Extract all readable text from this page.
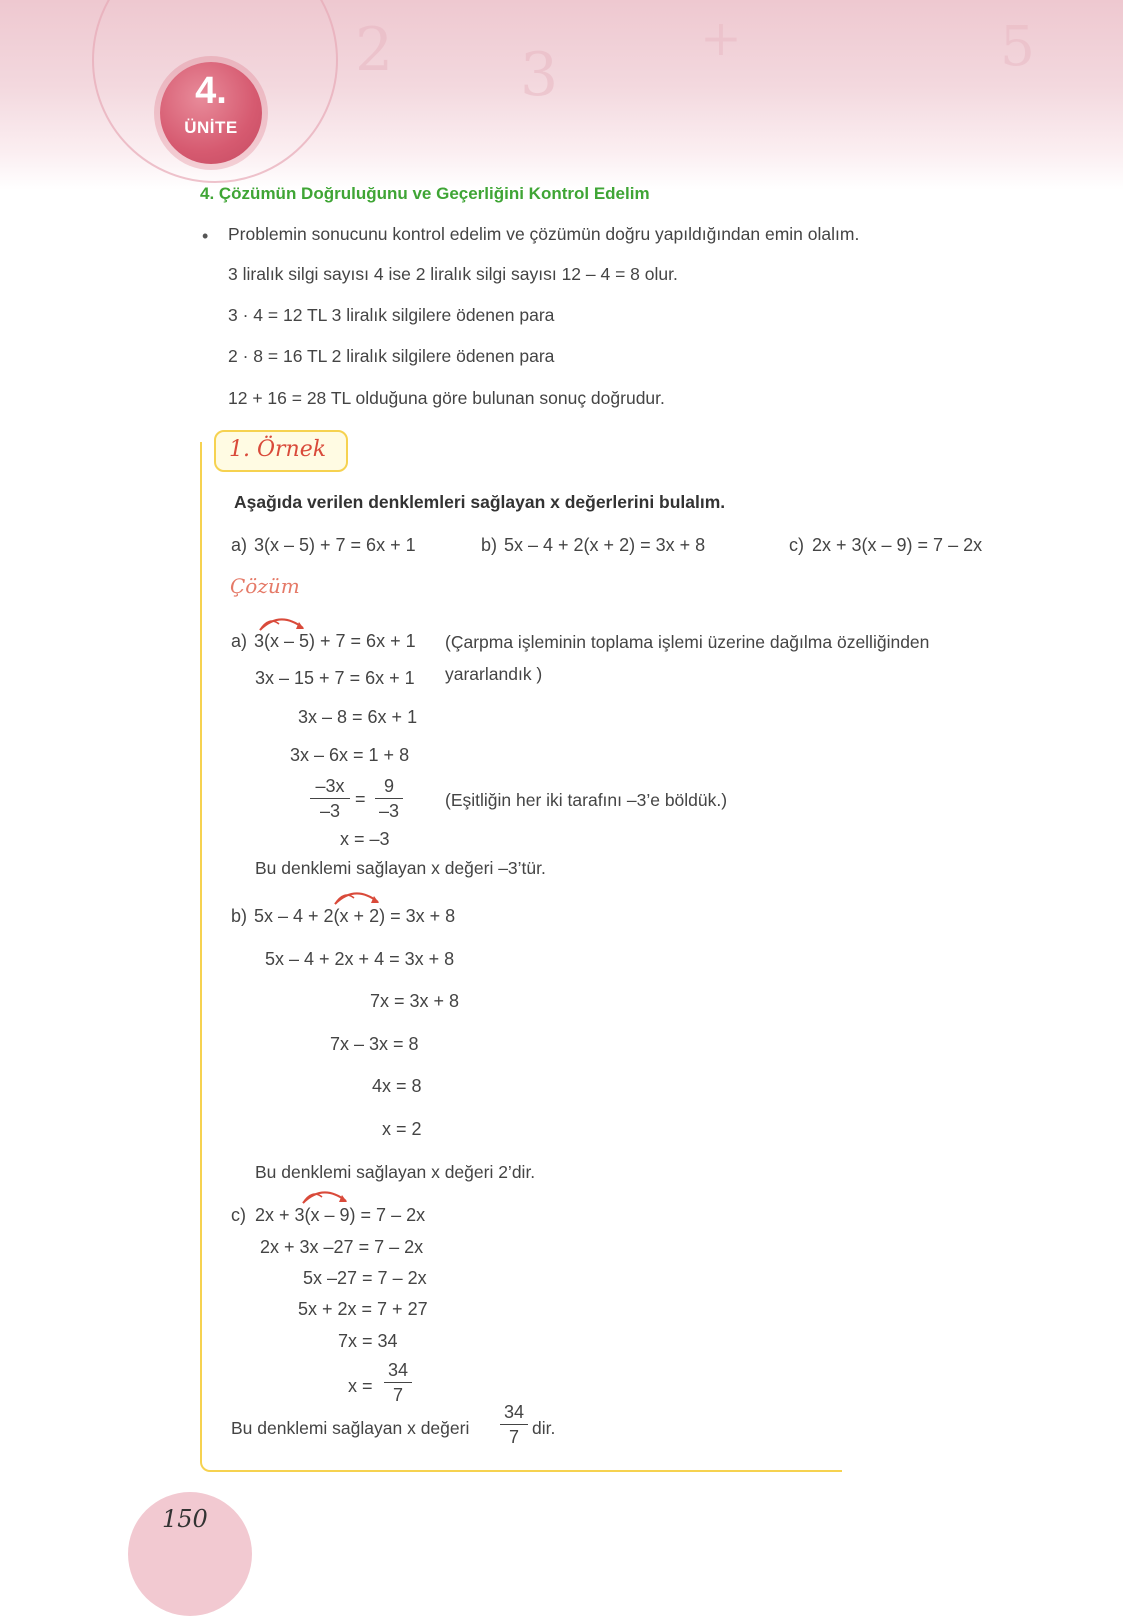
2 3
+	5
4.
ÜNİTE
4. Çözümün Doğruluğunu ve Geçerliğini Kontrol Edelim
• Problemin sonucunu kontrol edelim ve çözümün doğru yapıldığından emin olalım.
3 liralık silgi sayısı 4 ise 2 liralık silgi sayısı 12 – 4 = 8 olur.
3 · 4 = 12 TL 3 liralık silgilere ödenen para
2 · 8 = 16 TL 2 liralık silgilere ödenen para
12 + 16 = 28 TL olduğuna göre bulunan sonuç doğrudur.
1. Örnek
Aşağıda verilen denklemleri sağlayan x değerlerini bulalım.
a) 3(x – 5) + 7 = 6x + 1	b) 5x – 4 + 2(x + 2) = 3x + 8	c) 2x + 3(x – 9) = 7 – 2x
Çözüm
a) 3(x – 5) + 7 = 6x + 1
3x – 15 + 7 = 6x + 1
3x – 8 = 6x + 1
3x – 6x = 1 + 8
(Çarpma işleminin toplama işlemi üzerine dağılma özelliğinden
yararlandık )
–3x
–3
=
9
–3
(Eşitliğin her iki tarafını –3’e böldük.)
x = –3
Bu denklemi sağlayan x değeri –3’tür.
b) 5x – 4 + 2(x + 2) = 3x + 8
5x – 4 + 2x + 4 = 3x + 8
7x = 3x + 8
7x – 3x = 8
4x = 8
x = 2
Bu denklemi sağlayan x değeri 2’dir.
c) 2x + 3(x – 9) = 7 – 2x
2x + 3x –27 = 7 – 2x
5x –27 = 7 – 2x
5x + 2x = 7 + 27
7x = 34
x =
34
7
Bu denklemi sağlayan x değeri
34
7 dir.
150
